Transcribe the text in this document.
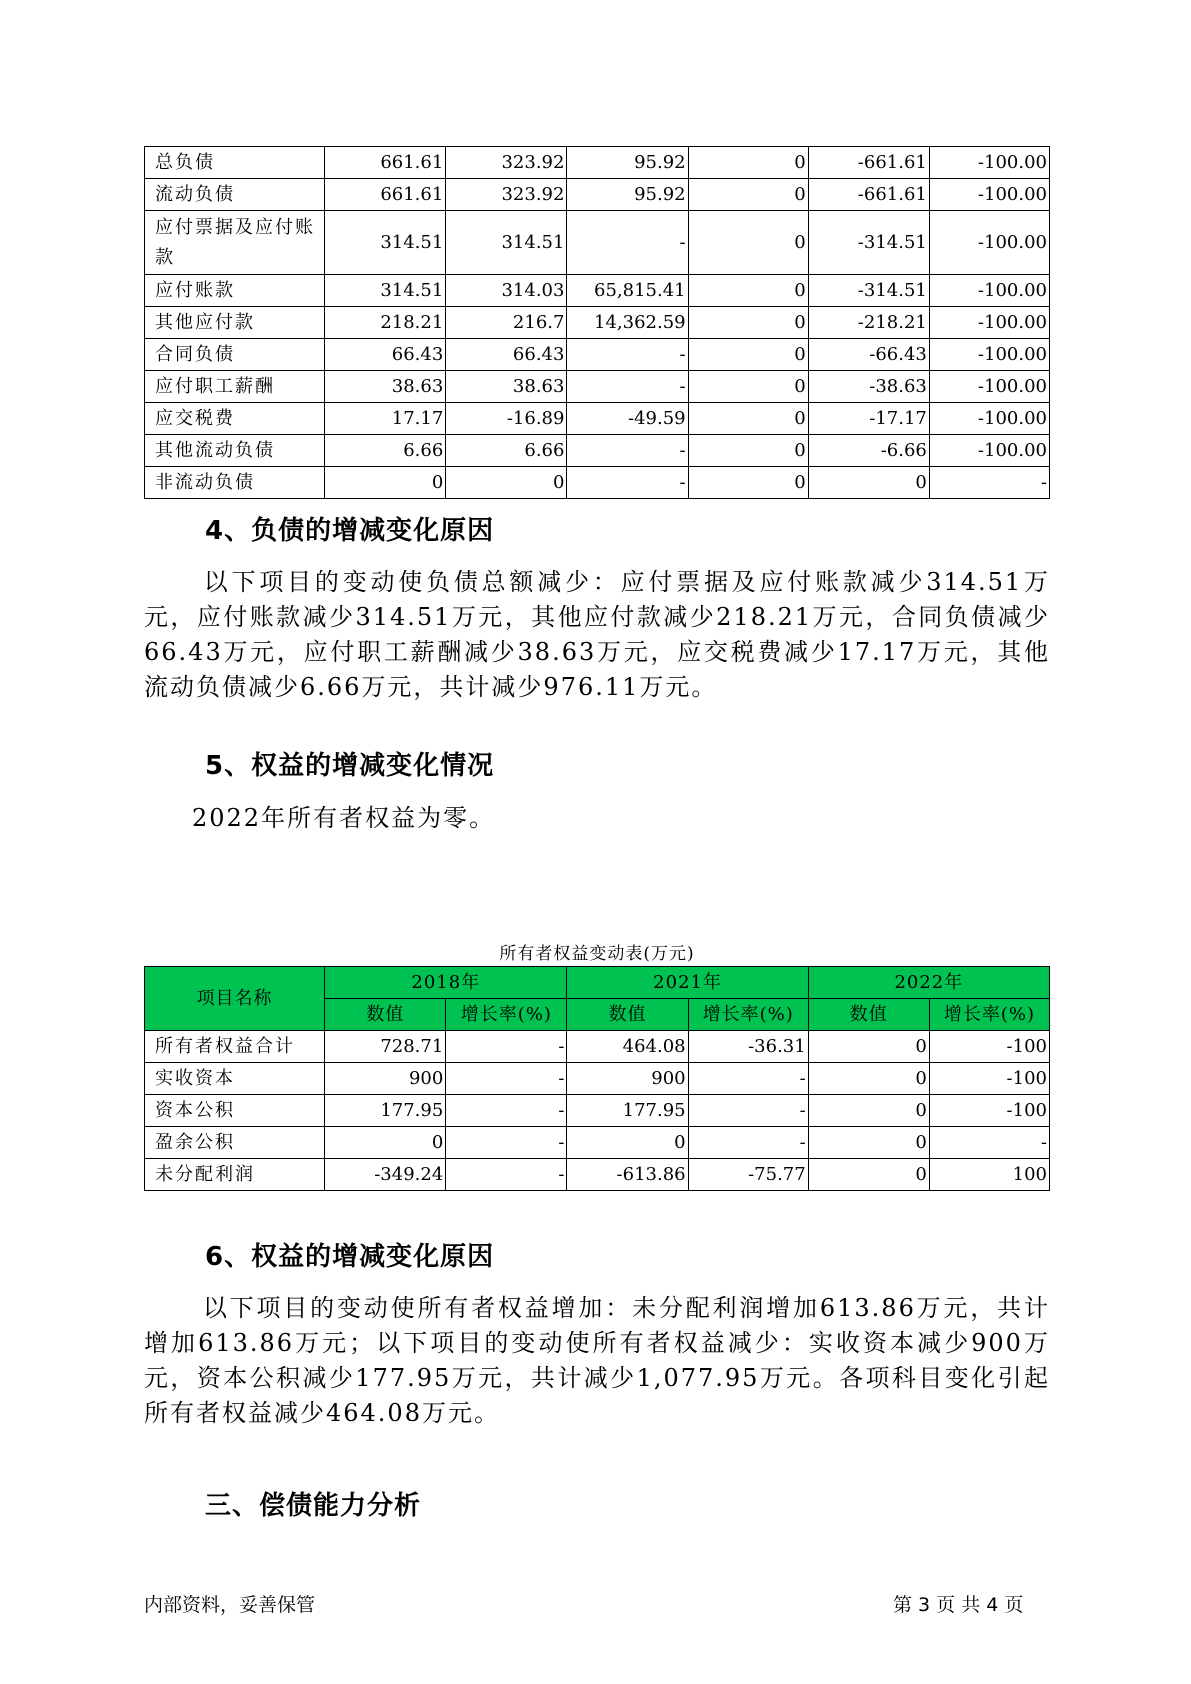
总负债	661.61	323.92	95.92	0	-661.61	-100.00
流动负债	661.61	323.92	95.92	0	-661.61	-100.00
应付票据及应付账款	314.51	314.51	-	0	-314.51	-100.00
应付账款	314.51	314.03	65,815.41	0	-314.51	-100.00
其他应付款	218.21	216.7	14,362.59	0	-218.21	-100.00
合同负债	66.43	66.43	-	0	-66.43	-100.00
应付职工薪酬	38.63	38.63	-	0	-38.63	-100.00
应交税费	17.17	-16.89	-49.59	0	-17.17	-100.00
其他流动负债	6.66	6.66	-	0	-6.66	-100.00
非流动负债	0	0	-	0	0	-
4、负债的增减变化原因
以下项目的变动使负债总额减少：应付票据及应付账款减少314.51万元，应付账款减少314.51万元，其他应付款减少218.21万元，合同负债减少66.43万元，应付职工薪酬减少38.63万元，应交税费减少17.17万元，其他流动负债减少6.66万元，共计减少976.11万元。
5、权益的增减变化情况
2022年所有者权益为零。
所有者权益变动表(万元)
项目名称	2018年		2021年		2022年	
	数值	增长率(%)	数值	增长率(%)	数值	增长率(%)
所有者权益合计	728.71	-	464.08	-36.31	0	-100
实收资本	900	-	900	-	0	-100
资本公积	177.95	-	177.95	-	0	-100
盈余公积	0	-	0	-	0	-
未分配利润	-349.24	-	-613.86	-75.77	0	100
6、权益的增减变化原因
以下项目的变动使所有者权益增加：未分配利润增加613.86万元，共计增加613.86万元；以下项目的变动使所有者权益减少：实收资本减少900万元，资本公积减少177.95万元，共计减少1,077.95万元。各项科目变化引起所有者权益减少464.08万元。
三、偿债能力分析
内部资料，妥善保管	第 3 页 共 4 页
